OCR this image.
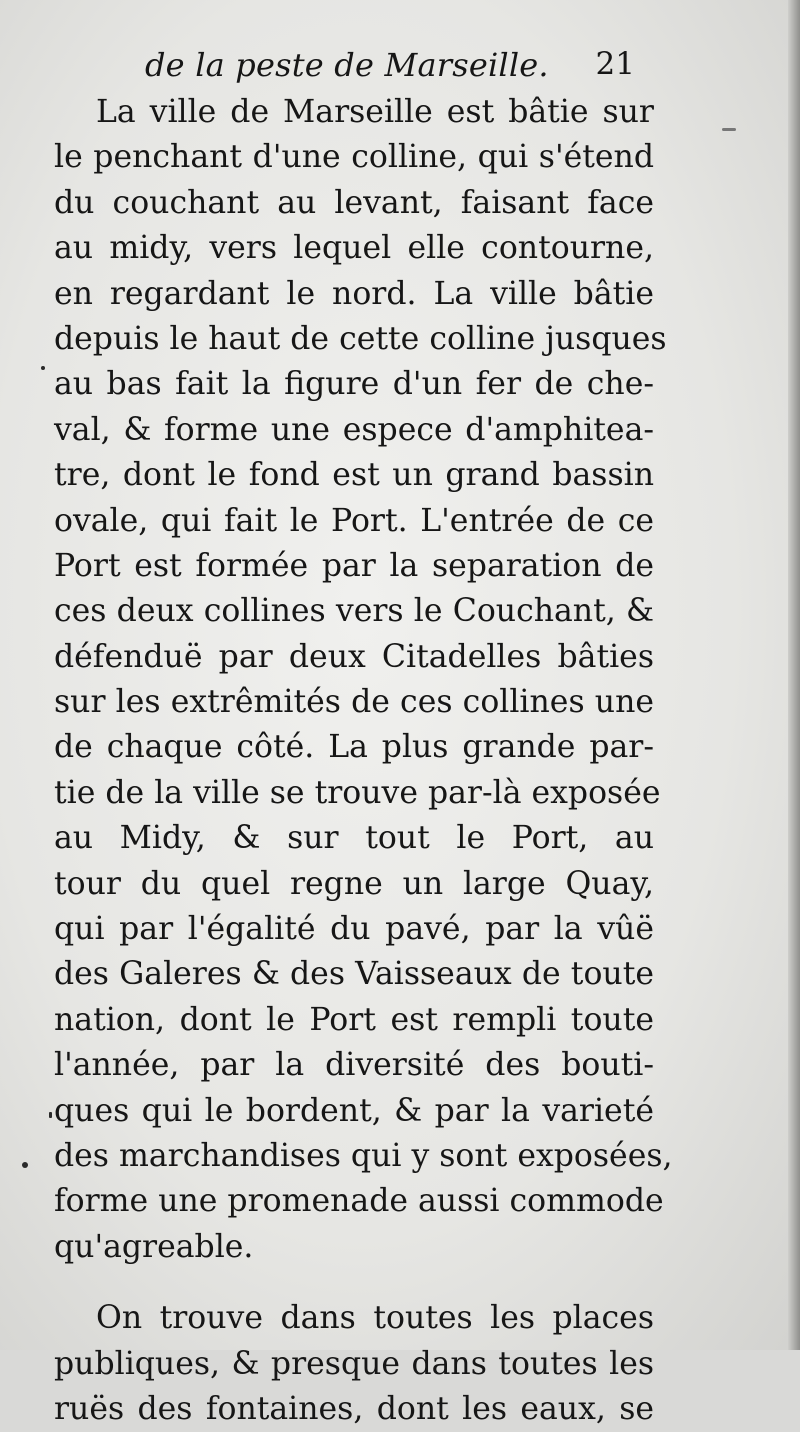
de la peste de Marseille. 21
La ville de Marseille est bâtie sur
le penchant d'une colline, qui s'étend
du couchant au levant, faisant face
au midy, vers lequel elle contourne,
en regardant le nord. La ville bâtie
depuis le haut de cette colline jusques
au bas fait la figure d'un fer de che-
val, & forme une espece d'amphitea-
tre, dont le fond est un grand bassin
ovale, qui fait le Port. L'entrée de ce
Port est formée par la separation de
ces deux collines vers le Couchant, &
défenduë par deux Citadelles bâties
sur les extrêmités de ces collines une
de chaque côté. La plus grande par-
tie de la ville se trouve par-là exposée
au Midy, & sur tout le Port, au
tour du quel regne un large Quay,
qui par l'égalité du pavé, par la vûë
des Galeres & des Vaisseaux de toute
nation, dont le Port est rempli toute
l'année, par la diversité des bouti-
ques qui le bordent, & par la varieté
des marchandises qui y sont exposées,
forme une promenade aussi commode
qu'agreable.
On trouve dans toutes les places
publiques, & presque dans toutes les
ruës des fontaines, dont les eaux, se
